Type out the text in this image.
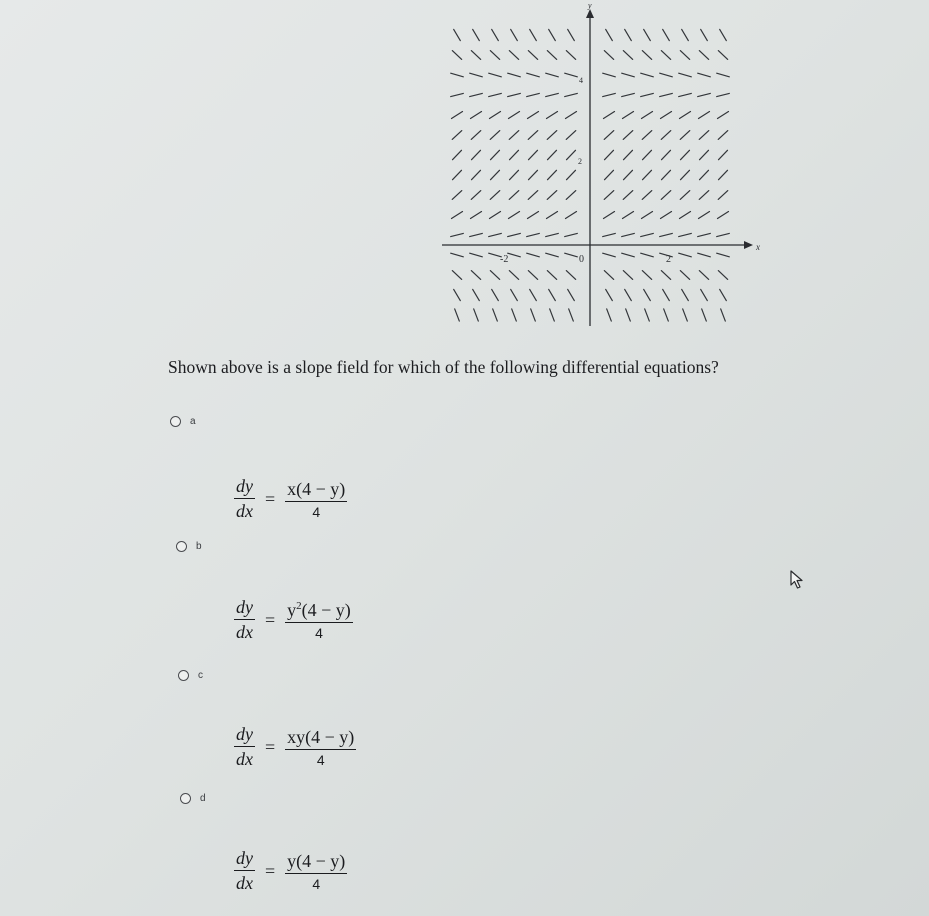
x
y
-2	0	2
4
2
Shown above is a slope field for which of the following differential equations?
a
$\frac{dy}{dx} = \frac{x(4 - y)}{4}$
b
$\frac{dy}{dx} = \frac{y^2(4 - y)}{4}$
c
$\frac{dy}{dx} = \frac{xy(4 - y)}{4}$
d
$\frac{dy}{dx} = \frac{y(4 - y)}{4}$
